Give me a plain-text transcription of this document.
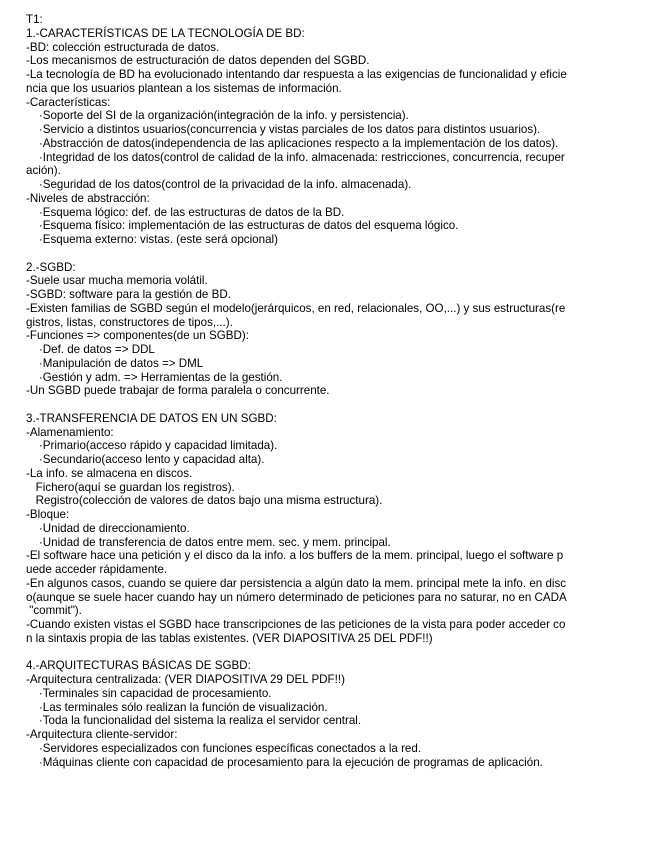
T1:
1.-CARACTERÍSTICAS DE LA TECNOLOGÍA DE BD:
-BD: colección estructurada de datos.
-Los mecanismos de estructuración de datos dependen del SGBD.
-La tecnología de BD ha evolucionado intentando dar respuesta a las exigencias de funcionalidad y eficie
ncia que los usuarios plantean a los sistemas de información.
-Características:
·Soporte del SI de la organización(integración de la info. y persistencia).
·Servicio a distintos usuarios(concurrencia y vistas parciales de los datos para distintos usuarios).
·Abstracción de datos(independencia de las aplicaciones respecto a la implementación de los datos).
·Integridad de los datos(control de calidad de la info. almacenada: restricciones, concurrencia, recuper
ación).
·Seguridad de los datos(control de la privacidad de la info. almacenada).
-Niveles de abstracción:
·Esquema lógico: def. de las estructuras de datos de la BD.
·Esquema físico: implementación de las estructuras de datos del esquema lógico.
·Esquema externo: vistas. (este será opcional)
2.-SGBD:
-Suele usar mucha memoria volátil.
-SGBD: software para la gestión de BD.
-Existen familias de SGBD según el modelo(jerárquicos, en red, relacionales, OO,...) y sus estructuras(re
gistros, listas, constructores de tipos,...).
-Funciones => componentes(de un SGBD):
·Def. de datos => DDL
·Manipulación de datos => DML
·Gestión y adm. => Herramientas de la gestión.
-Un SGBD puede trabajar de forma paralela o concurrente.
3.-TRANSFERENCIA DE DATOS EN UN SGBD:
-Alamenamiento:
·Primario(acceso rápido y capacidad limitada).
·Secundario(acceso lento y capacidad alta).
-La info. se almacena en discos.
Fichero(aquí se guardan los registros).
Registro(colección de valores de datos bajo una misma estructura).
-Bloque:
·Unidad de direccionamiento.
·Unidad de transferencia de datos entre mem. sec. y mem. principal.
-El software hace una petición y el disco da la info. a los buffers de la mem. principal, luego el software p
uede acceder rápidamente.
-En algunos casos, cuando se quiere dar persistencia a algún dato la mem. principal mete la info. en disc
o(aunque se suele hacer cuando hay un número determinado de peticiones para no saturar, no en CADA
"commit").
-Cuando existen vistas el SGBD hace transcripciones de las peticiones de la vista para poder acceder co
n la sintaxis propia de las tablas existentes. (VER DIAPOSITIVA 25 DEL PDF!!)
4.-ARQUITECTURAS BÁSICAS DE SGBD:
-Arquitectura centralizada: (VER DIAPOSITIVA 29 DEL PDF!!)
·Terminales sin capacidad de procesamiento.
·Las terminales sólo realizan la función de visualización.
·Toda la funcionalidad del sistema la realiza el servidor central.
-Arquitectura cliente-servidor:
·Servidores especializados con funciones específicas conectados a la red.
·Máquinas cliente con capacidad de procesamiento para la ejecución de programas de aplicación.
